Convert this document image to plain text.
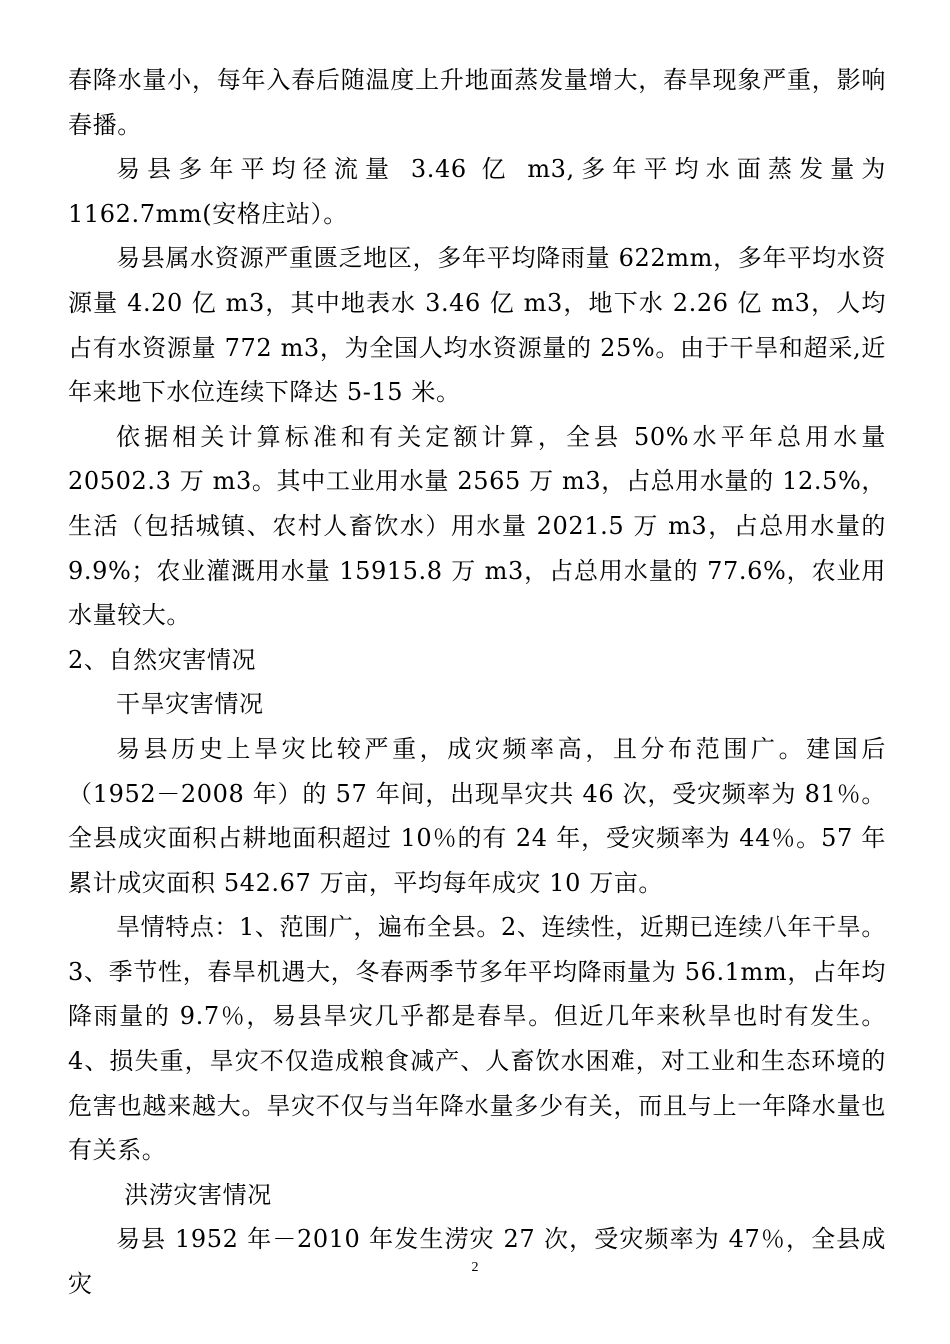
春降水量小，每年入春后随温度上升地面蒸发量增大，春旱现象严重，影响春播。

易县多年平均径流量 3.46 亿 m3,多年平均水面蒸发量为 1162.7mm(安格庄站）。

易县属水资源严重匮乏地区，多年平均降雨量 622mm，多年平均水资源量 4.20 亿 m3，其中地表水 3.46 亿 m3，地下水 2.26 亿 m3，人均占有水资源量 772 m3，为全国人均水资源量的 25%。由于干旱和超采,近年来地下水位连续下降达 5-15 米。

依据相关计算标准和有关定额计算，全县 50%水平年总用水量 20502.3 万 m3。其中工业用水量 2565 万 m3，占总用水量的 12.5%，生活（包括城镇、农村人畜饮水）用水量 2021.5 万 m3，占总用水量的 9.9%；农业灌溉用水量 15915.8 万 m3，占总用水量的 77.6%，农业用水量较大。

2、自然灾害情况

干旱灾害情况

易县历史上旱灾比较严重，成灾频率高，且分布范围广。建国后（1952－2008 年）的 57 年间，出现旱灾共 46 次，受灾频率为 81％。全县成灾面积占耕地面积超过 10％的有 24 年，受灾频率为 44％。57 年累计成灾面积 542.67 万亩，平均每年成灾 10 万亩。

旱情特点：1、范围广，遍布全县。2、连续性，近期已连续八年干旱。3、季节性，春旱机遇大，冬春两季节多年平均降雨量为 56.1mm，占年均降雨量的 9.7％，易县旱灾几乎都是春旱。但近几年来秋旱也时有发生。4、损失重，旱灾不仅造成粮食减产、人畜饮水困难，对工业和生态环境的危害也越来越大。旱灾不仅与当年降水量多少有关，而且与上一年降水量也有关系。

洪涝灾害情况

易县 1952 年－2010 年发生涝灾 27 次，受灾频率为 47％，全县成灾

2
